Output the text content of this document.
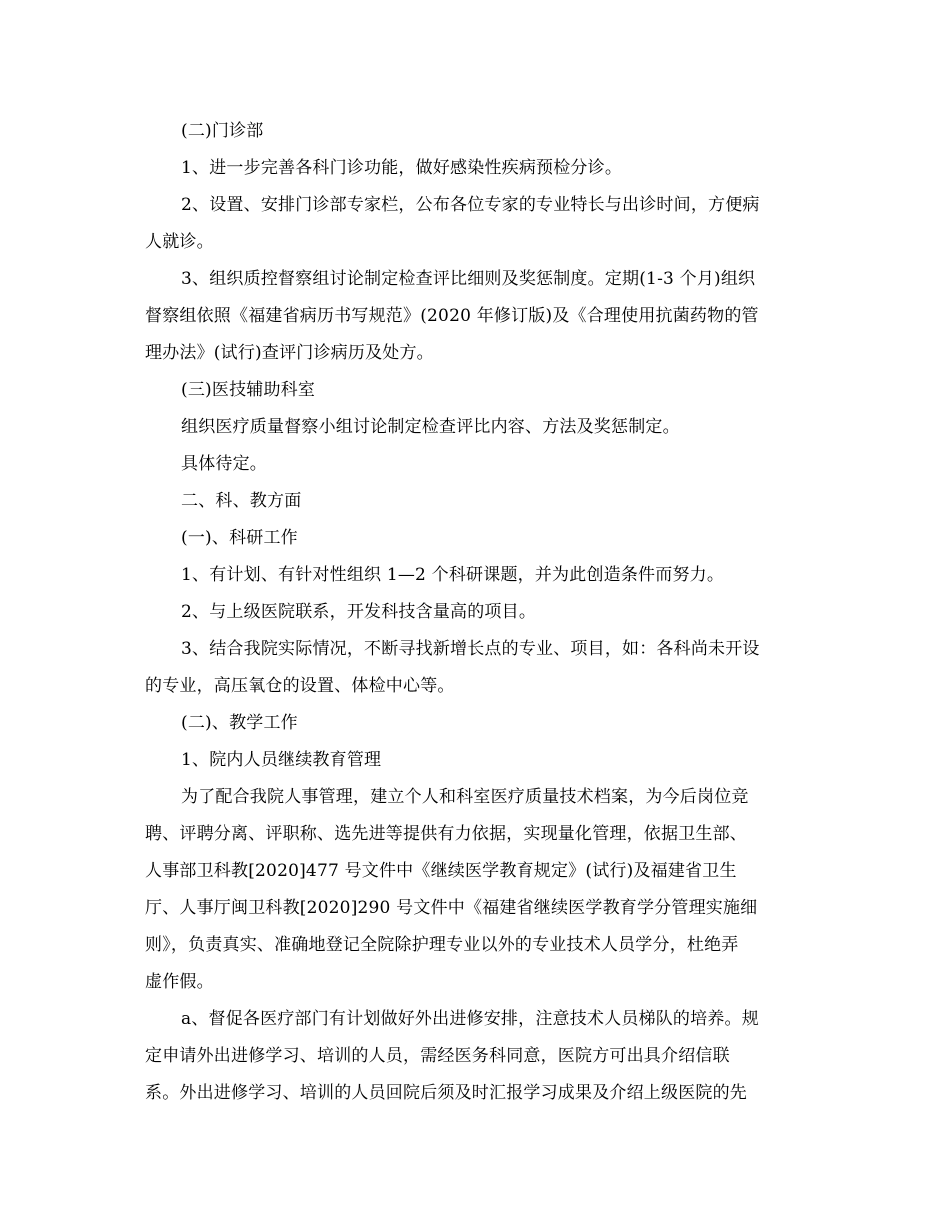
(二)门诊部
1、进一步完善各科门诊功能，做好感染性疾病预检分诊。
2、设置、安排门诊部专家栏，公布各位专家的专业特长与出诊时间，方便病
人就诊。
3、组织质控督察组讨论制定检查评比细则及奖惩制度。定期(1-3 个月)组织
督察组依照《福建省病历书写规范》(2020 年修订版)及《合理使用抗菌药物的管
理办法》(试行)查评门诊病历及处方。
(三)医技辅助科室
组织医疗质量督察小组讨论制定检查评比内容、方法及奖惩制定。
具体待定。
二、科、教方面
(一)、科研工作
1、有计划、有针对性组织 1—2 个科研课题，并为此创造条件而努力。
2、与上级医院联系，开发科技含量高的项目。
3、结合我院实际情况，不断寻找新增长点的专业、项目，如：各科尚未开设
的专业，高压氧仓的设置、体检中心等。
(二)、教学工作
1、院内人员继续教育管理
为了配合我院人事管理，建立个人和科室医疗质量技术档案，为今后岗位竞
聘、评聘分离、评职称、选先进等提供有力依据，实现量化管理，依据卫生部、
人事部卫科教[2020]477 号文件中《继续医学教育规定》(试行)及福建省卫生
厅、人事厅闽卫科教[2020]290 号文件中《福建省继续医学教育学分管理实施细
则》，负责真实、准确地登记全院除护理专业以外的专业技术人员学分，杜绝弄
虚作假。
a、督促各医疗部门有计划做好外出进修安排，注意技术人员梯队的培养。规
定申请外出进修学习、培训的人员，需经医务科同意，医院方可出具介绍信联
系。外出进修学习、培训的人员回院后须及时汇报学习成果及介绍上级医院的先
